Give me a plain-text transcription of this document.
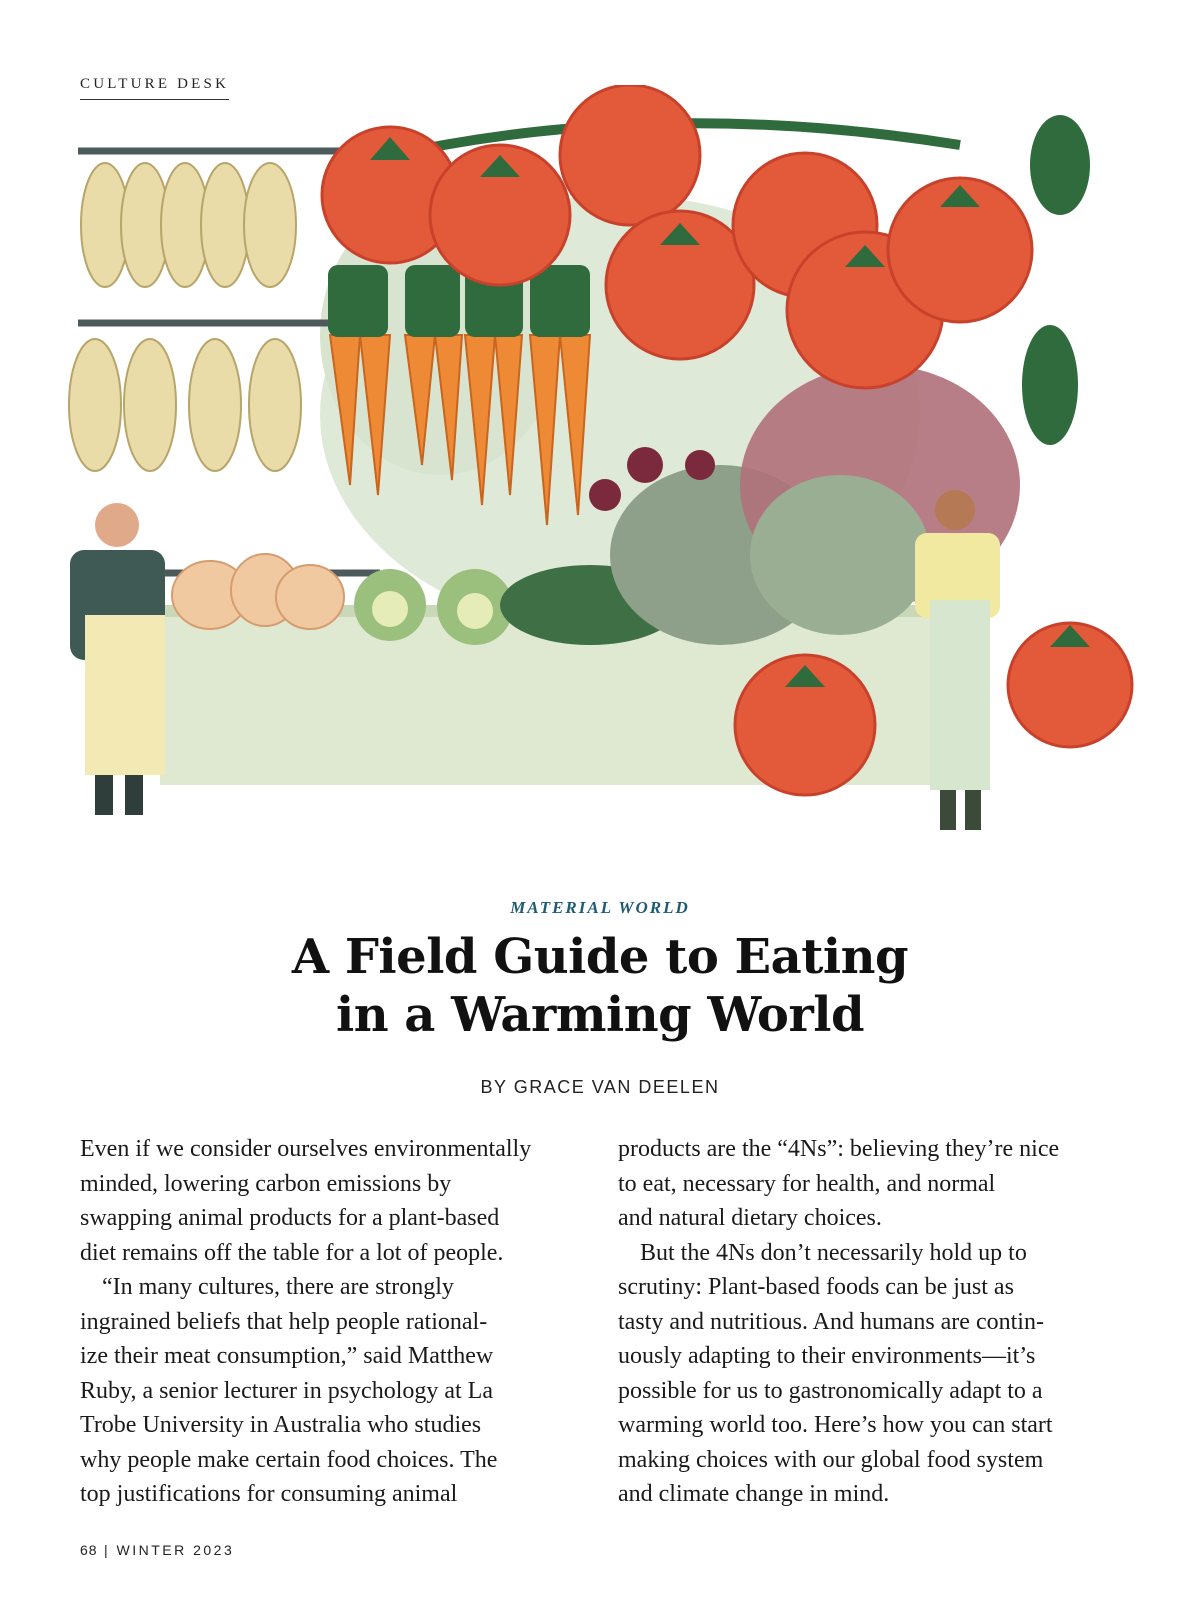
CULTURE DESK
MATERIAL WORLD
A Field Guide to Eating
in a Warming World
BY GRACE VAN DEELEN

Even if we consider ourselves environmentally

minded, lowering carbon emissions by

swapping animal products for a plant-based

diet remains off the table for a lot of people.

“In many cultures, there are strongly

ingrained beliefs that help people rational-

ize their meat consumption,” said Matthew

Ruby, a senior lecturer in psychology at La

Trobe University in Australia who studies

why people make certain food choices. The

top justifications for consuming animal

products are the “4Ns”: believing they’re nice

to eat, necessary for health, and normal

and natural dietary choices.

But the 4Ns don’t necessarily hold up to

scrutiny: Plant-based foods can be just as

tasty and nutritious. And humans are contin-

uously adapting to their environments—it’s

possible for us to gastronomically adapt to a

warming world too. Here’s how you can start

making choices with our global food system

and climate change in mind.

68 | WINTER 2023
